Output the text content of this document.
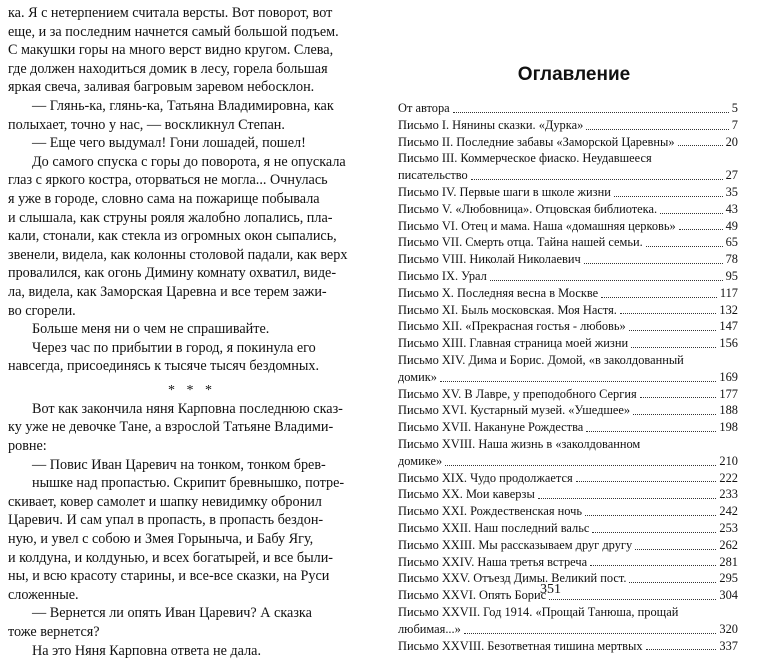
ка. Я с нетерпением считала версты. Вот поворот, вот

еще, и за последним начнется самый большой подъем.

С макушки горы на много верст видно кругом. Слева,

где должен находиться домик в лесу, горела большая

яркая свеча, заливая багровым заревом небосклон.

— Глянь-ка, глянь-ка, Татьяна Владимировна, как

полыхает, точно у нас, — воскликнул Степан.

— Еще чего выдумал! Гони лошадей, пошел!

До самого спуска с горы до поворота, я не опускала

глаз с яркого костра, оторваться не могла... Очнулась

я уже в городе, словно сама на пожарище побывала

и слышала, как струны рояля жалобно лопались, пла-

кали, стонали, как стекла из огромных окон сыпались,

звенели, видела, как колонны столовой падали, как верх

провалился, как огонь Димину комнату охватил, виде-

ла, видела, как Заморская Царевна и все терем зажи-

во сгорели.

Больше меня ни о чем не спрашивайте.

Через час по прибытии в город, я покинула его

навсегда, присоединясь к тысяче тысяч бездомных.

* * *

Вот как закончила няня Карповна последнюю сказ-

ку уже не девочке Тане, а взрослой Татьяне Владими-

ровне:

— Повис Иван Царевич на тонком, тонком брев-

нышке над пропастью. Скрипит бревнышко, потре-

скивает, ковер самолет и шапку невидимку обронил

Царевич. И сам упал в пропасть, в пропасть бездон-

ную, и увел с собою и Змея Горыныча, и Бабу Ягу,

и колдуна, и колдунью, и всех богатырей, и все были-

ны, и всю красоту старины, и все-все сказки, на Руси

сложенные.

— Вернется ли опять Иван Царевич? А сказка

тоже вернется?

На это Няня Карповна ответа не дала.

Оглавление
От автора	5
Письмо I. Нянины сказки. «Дурка»	7
Письмо II. Последние забавы «Заморской Царевны»	20
Письмо III. Коммерческое фиаско. Неудавшееся
писательство	27
Письмо IV. Первые шаги в школе жизни	35
Письмо V. «Любовница». Отцовская библиотека.	43
Письмо VI. Отец и мама. Наша «домашняя церковь»	49
Письмо VII. Смерть отца. Тайна нашей семьи.	65
Письмо VIII. Николай Николаевич	78
Письмо IX. Урал	95
Письмо X. Последняя весна в Москве	117
Письмо XI. Быль московская. Моя Настя.	132
Письмо XII. «Прекрасная гостья - любовь»	147
Письмо XIII. Главная страница моей жизни	156
Письмо XIV. Дима и Борис. Домой, «в заколдованный
домик»	169
Письмо XV. В Лавре, у преподобного Сергия	177
Письмо XVI. Кустарный музей. «Ушедшее»	188
Письмо XVII. Накануне Рождества	198
Письмо XVIII. Наша жизнь в «заколдованном
домике»	210
Письмо XIX. Чудо продолжается	222
Письмо XX. Мои каверзы	233
Письмо XXI. Рождественская ночь	242
Письмо XXII. Наш последний вальс	253
Письмо XXIII. Мы рассказываем друг другу	262
Письмо XXIV. Наша третья встреча	281
Письмо XXV. Отъезд Димы. Великий пост.	295
Письмо XXVI. Опять Борис	304
Письмо XXVII. Год 1914. «Прощай Танюша, прощай
любимая...»	320
Письмо XXVIII. Безответная тишина мертвых	337
351
